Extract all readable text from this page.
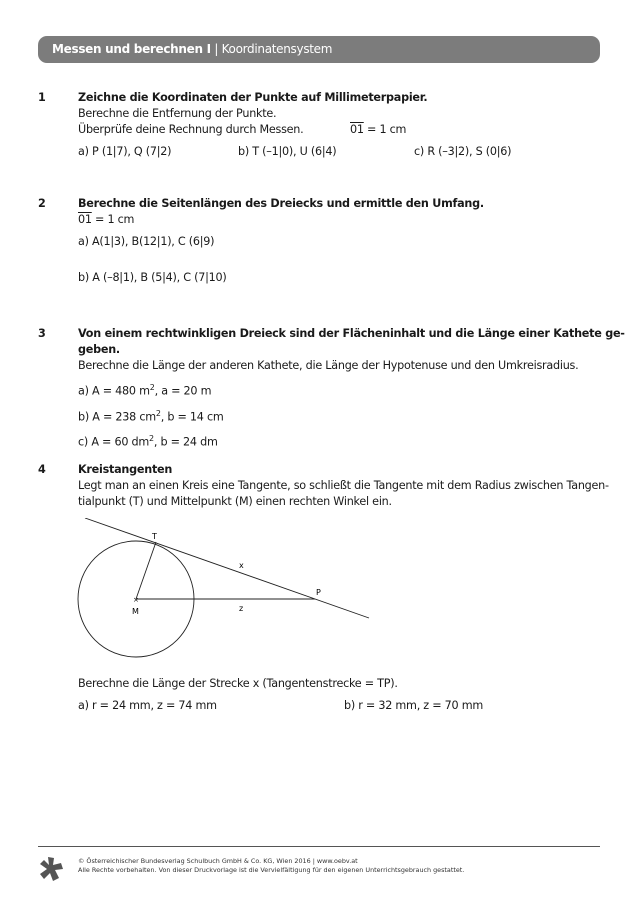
Messen und berechnen I | Koordinatensystem
1	Zeichne die Koordinaten der Punkte auf Millimeterpapier.
Berechne die Entfernung der Punkte.
Überprüfe deine Rechnung durch Messen.	01 = 1 cm
a) P (1|7), Q (7|2)	b) T (–1|0), U (6|4)	c) R (–3|2), S (0|6)
2	Berechne die Seitenlängen des Dreiecks und ermittle den Umfang.
01 = 1 cm
a) A(1|3), B(12|1), C (6|9)
b) A (–8|1), B (5|4), C (7|10)
3	Von einem rechtwinkligen Dreieck sind der Flächeninhalt und die Länge einer Kathete ge-
geben.
Berechne die Länge der anderen Kathete, die Länge der Hypotenuse und den Umkreisradius.
a) A = 480 $m^2$, a = 20 m
b) A = 238 $cm^2$, b = 14 cm
c) A = 60 $dm^2$, b = 24 dm
4	Kreistangenten
Legt man an einen Kreis eine Tangente, so schließt die Tangente mit dem Radius zwischen Tangen-
tialpunkt (T) und Mittelpunkt (M) einen rechten Winkel ein.
×
T
M
P
x
z
Berechne die Länge der Strecke x (Tangentenstrecke = TP).
a) r = 24 mm, z = 74 mm	b) r = 32 mm, z = 70 mm
© Österreichischer Bundesverlag Schulbuch GmbH & Co. KG, Wien 2016 | www.oebv.at
Alle Rechte vorbehalten. Von dieser Druckvorlage ist die Vervielfältigung für den eigenen Unterrichtsgebrauch gestattet.
